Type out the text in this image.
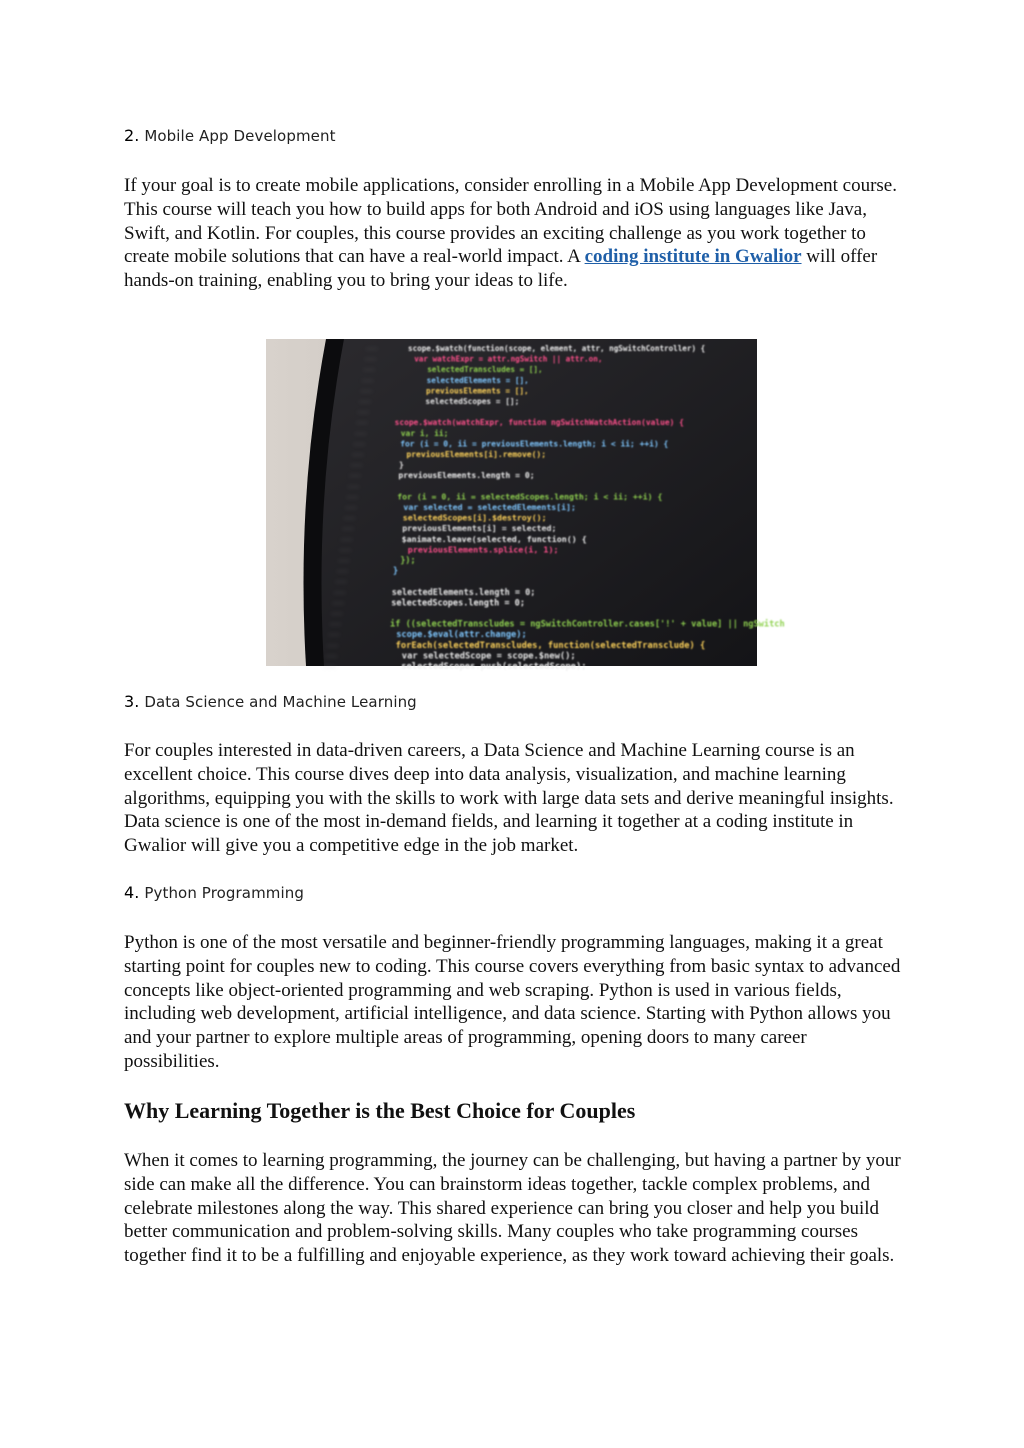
2. Mobile App Development

If your goal is to create mobile applications, consider enrolling in a Mobile App Development course. This course will teach you how to build apps for both Android and iOS using languages like Java, Swift, and Kotlin. For couples, this course provides an exciting challenge as you work together to create mobile solutions that can have a real-world impact. A coding institute in Gwalior will offer hands-on training, enabling you to bring your ideas to life.

3. Data Science and Machine Learning

For couples interested in data-driven careers, a Data Science and Machine Learning course is an excellent choice. This course dives deep into data analysis, visualization, and machine learning algorithms, equipping you with the skills to work with large data sets and derive meaningful insights. Data science is one of the most in-demand fields, and learning it together at a coding institute in Gwalior will give you a competitive edge in the job market.

4. Python Programming

Python is one of the most versatile and beginner-friendly programming languages, making it a great starting point for couples new to coding. This course covers everything from basic syntax to advanced concepts like object-oriented programming and web scraping. Python is used in various fields, including web development, artificial intelligence, and data science. Starting with Python allows you and your partner to explore multiple areas of programming, opening doors to many career possibilities.

Why Learning Together is the Best Choice for Couples

When it comes to learning programming, the journey can be challenging, but having a partner by your side can make all the difference. You can brainstorm ideas together, tackle complex problems, and celebrate milestones along the way. This shared experience can bring you closer and help you build better communication and problem-solving skills. Many couples who take programming courses together find it to be a fulfilling and enjoyable experience, as they work toward achieving their goals.

───
───
───
───
───
───
───
───
───
───
───
───
───
───
───
───
───
───
───
───
───
───
───
───
───
───
───
───
───
───
───
scope.$watch(function(scope, element, attr, ngSwitchController) {
var watchExpr = attr.ngSwitch || attr.on,
selectedTranscludes = [],
selectedElements = [],
previousElements = [],
selectedScopes = [];
scope.$watch(watchExpr, function ngSwitchWatchAction(value) {
var i, ii;
for (i = 0, ii = previousElements.length; i < ii; ++i) {
previousElements[i].remove();
}
previousElements.length = 0;
for (i = 0, ii = selectedScopes.length; i < ii; ++i) {
var selected = selectedElements[i];
selectedScopes[i].$destroy();
previousElements[i] = selected;
$animate.leave(selected, function() {
previousElements.splice(i, 1);
});
}
selectedElements.length = 0;
selectedScopes.length = 0;
if ((selectedTranscludes = ngSwitchController.cases['!' + value] || ngSwitch
scope.$eval(attr.change);
forEach(selectedTranscludes, function(selectedTransclude) {
var selectedScope = scope.$new();
selectedScopes.push(selectedScope);
